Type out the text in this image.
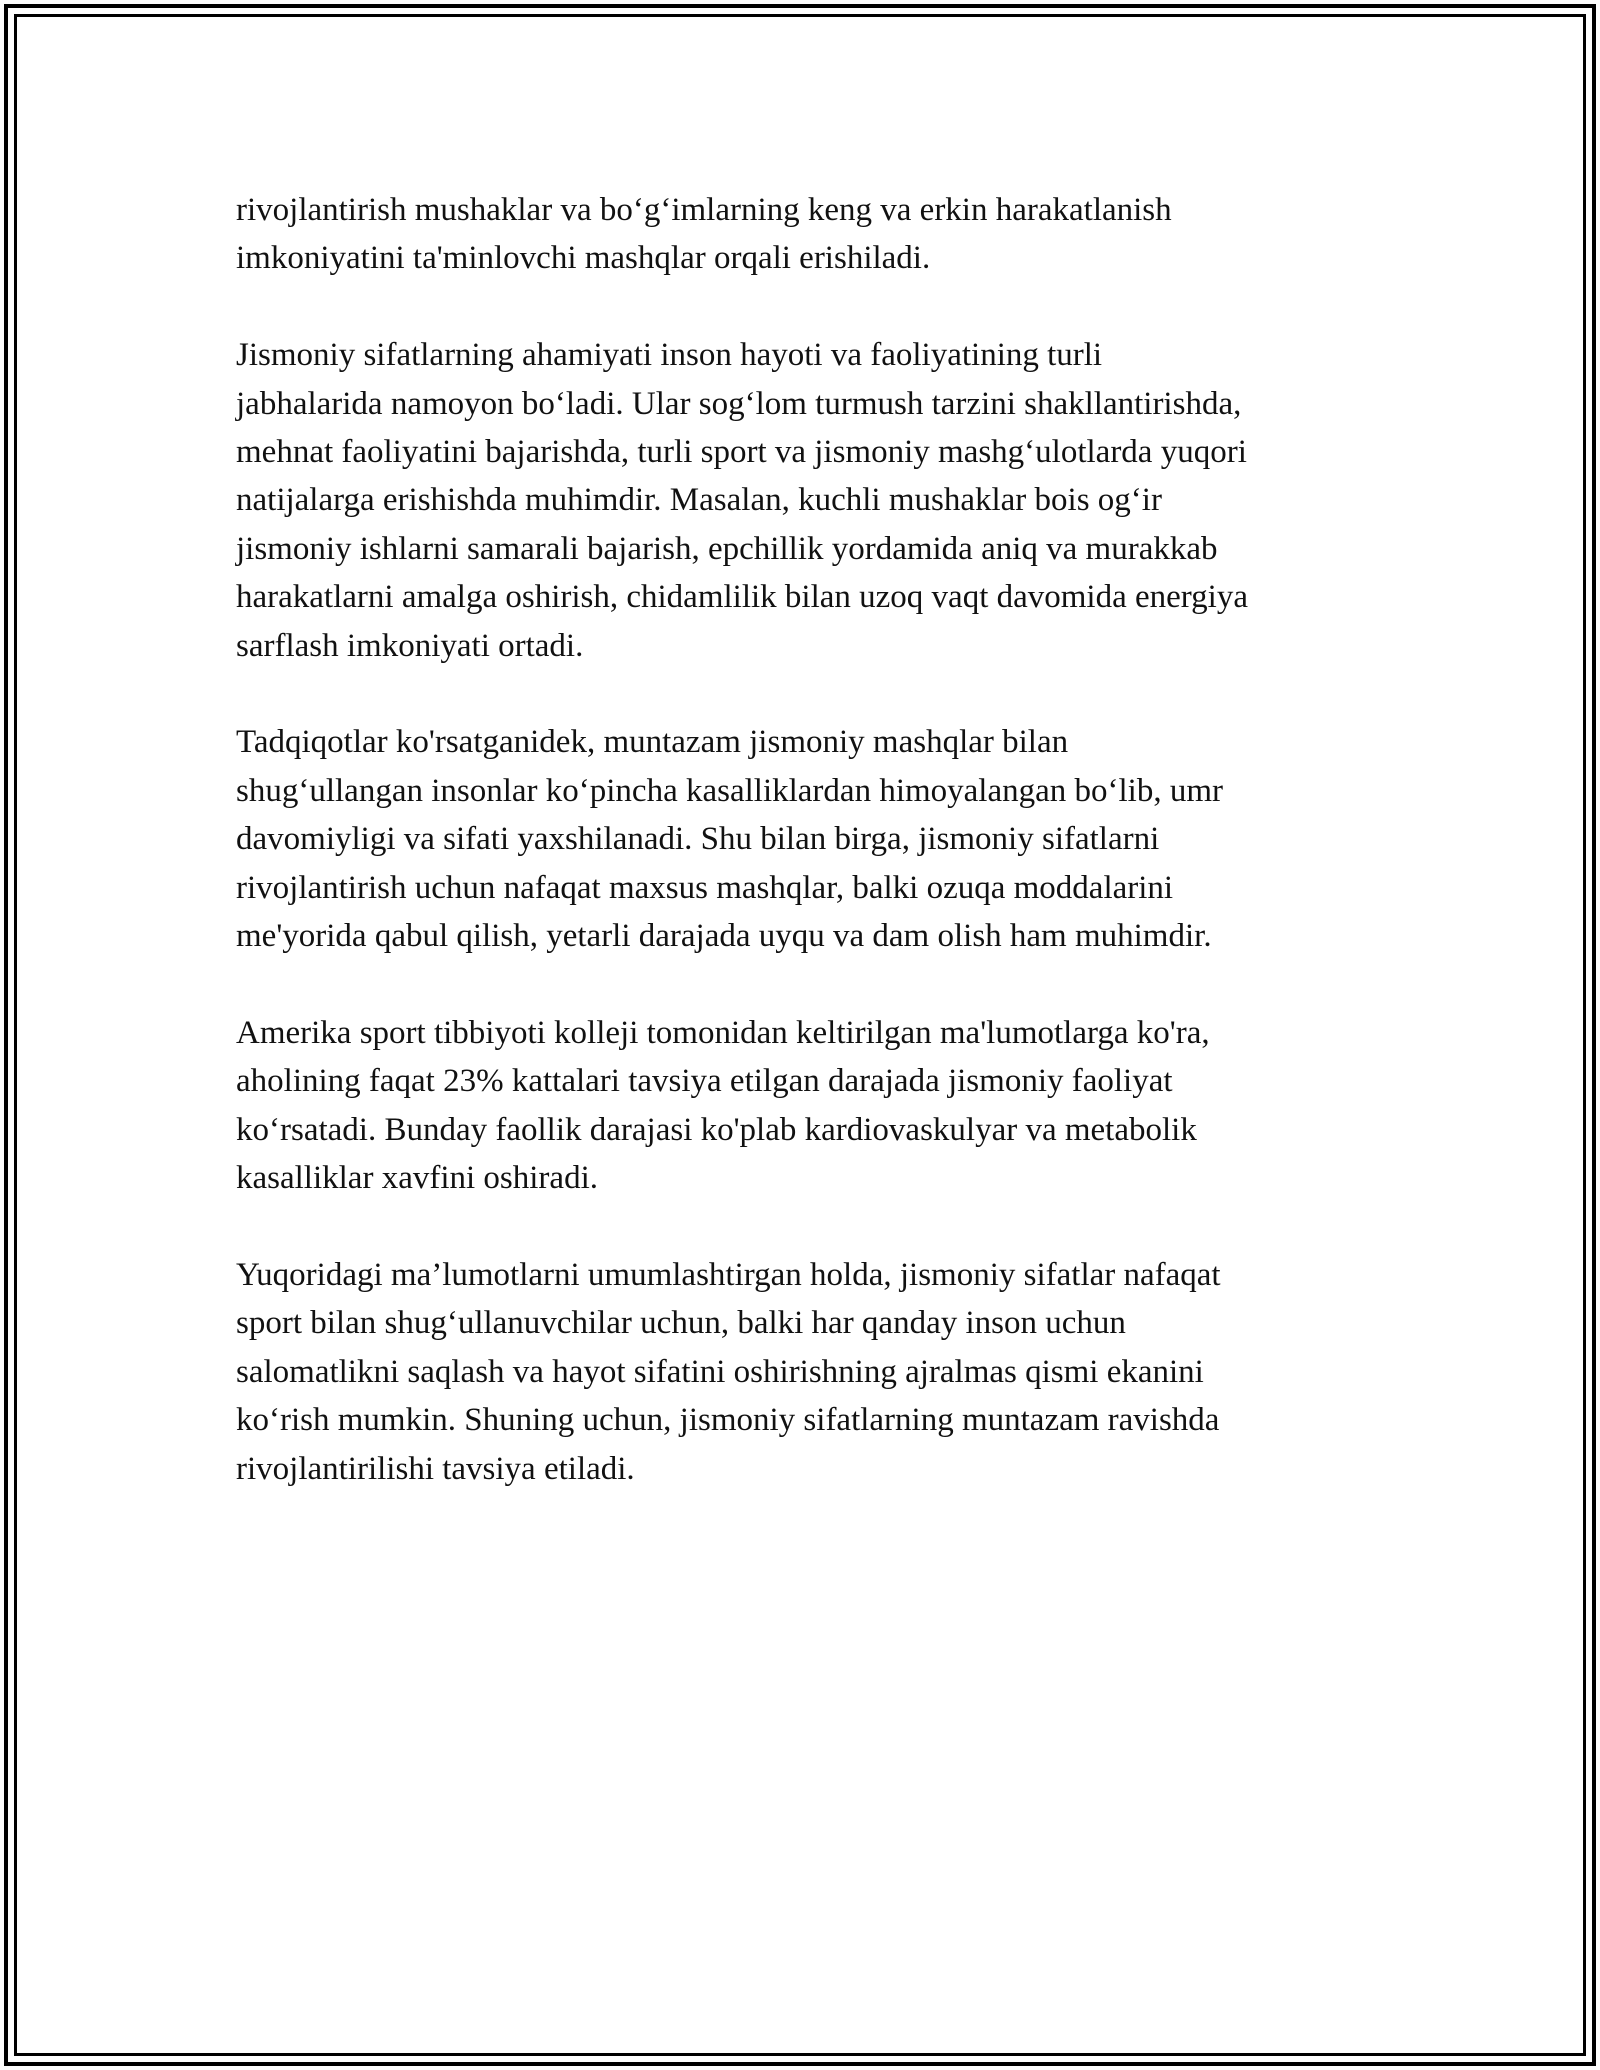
rivojlantirish mushaklar va bo‘g‘imlarning keng va erkin harakatlanish
imkoniyatini ta'minlovchi mashqlar orqali erishiladi.
Jismoniy sifatlarning ahamiyati inson hayoti va faoliyatining turli
jabhalarida namoyon bo‘ladi. Ular sog‘lom turmush tarzini shakllantirishda,
mehnat faoliyatini bajarishda, turli sport va jismoniy mashg‘ulotlarda yuqori
natijalarga erishishda muhimdir. Masalan, kuchli mushaklar bois og‘ir
jismoniy ishlarni samarali bajarish, epchillik yordamida aniq va murakkab
harakatlarni amalga oshirish, chidamlilik bilan uzoq vaqt davomida energiya
sarflash imkoniyati ortadi.
Tadqiqotlar ko'rsatganidek, muntazam jismoniy mashqlar bilan
shug‘ullangan insonlar ko‘pincha kasalliklardan himoyalangan bo‘lib, umr
davomiyligi va sifati yaxshilanadi. Shu bilan birga, jismoniy sifatlarni
rivojlantirish uchun nafaqat maxsus mashqlar, balki ozuqa moddalarini
me'yorida qabul qilish, yetarli darajada uyqu va dam olish ham muhimdir.
Amerika sport tibbiyoti kolleji tomonidan keltirilgan ma'lumotlarga ko'ra,
aholining faqat 23% kattalari tavsiya etilgan darajada jismoniy faoliyat
ko‘rsatadi. Bunday faollik darajasi ko'plab kardiovaskulyar va metabolik
kasalliklar xavfini oshiradi.
Yuqoridagi ma’lumotlarni umumlashtirgan holda, jismoniy sifatlar nafaqat
sport bilan shug‘ullanuvchilar uchun, balki har qanday inson uchun
salomatlikni saqlash va hayot sifatini oshirishning ajralmas qismi ekanini
ko‘rish mumkin. Shuning uchun, jismoniy sifatlarning muntazam ravishda
rivojlantirilishi tavsiya etiladi.
